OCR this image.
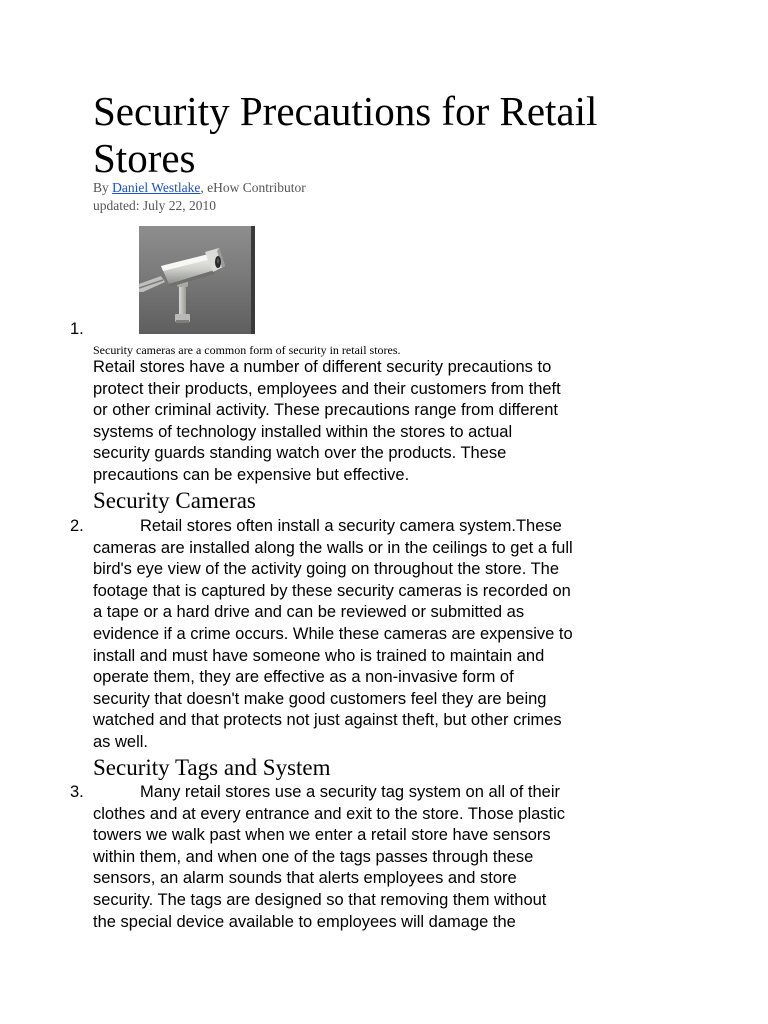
Security Precautions for Retail
Stores
By Daniel Westlake, eHow Contributor
updated: July 22, 2010
1.
Security cameras are a common form of security in retail stores.

Retail stores have a number of different security precautions to
protect their products, employees and their customers from theft
or other criminal activity. These precautions range from different
systems of technology installed within the stores to actual
security guards standing watch over the products. These
precautions can be expensive but effective.

Security Cameras
2.	Retail stores often install a security camera system.These
cameras are installed along the walls or in the ceilings to get a full
bird's eye view of the activity going on throughout the store. The
footage that is captured by these security cameras is recorded on
a tape or a hard drive and can be reviewed or submitted as
evidence if a crime occurs. While these cameras are expensive to
install and must have someone who is trained to maintain and
operate them, they are effective as a non-invasive form of
security that doesn't make good customers feel they are being
watched and that protects not just against theft, but other crimes
as well.

Security Tags and System
3.	Many retail stores use a security tag system on all of their
clothes and at every entrance and exit to the store. Those plastic
towers we walk past when we enter a retail store have sensors
within them, and when one of the tags passes through these
sensors, an alarm sounds that alerts employees and store
security. The tags are designed so that removing them without
the special device available to employees will damage the
